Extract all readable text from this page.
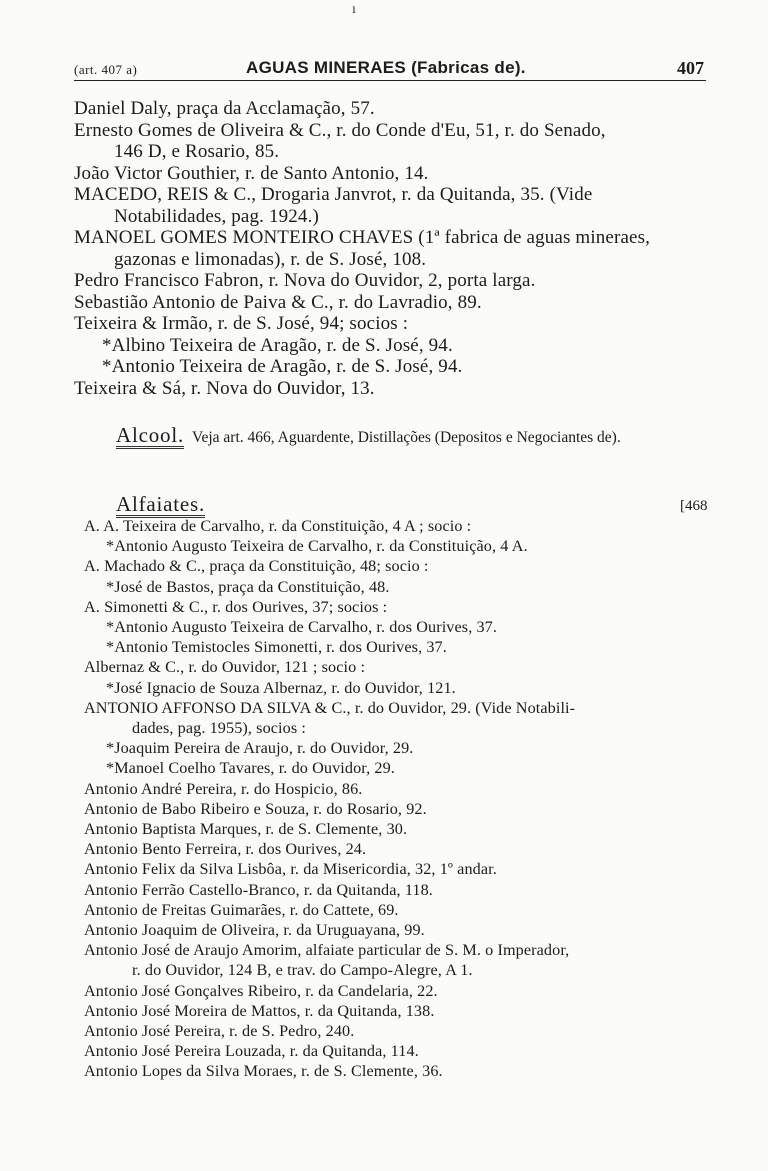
ı
(art. 407 a)	AGUAS MINERAES (Fabricas de).	407
Daniel Daly, praça da Acclamação, 57.
Ernesto Gomes de Oliveira & C., r. do Conde d'Eu, 51, r. do Senado,
146 D, e Rosario, 85.
João Victor Gouthier, r. de Santo Antonio, 14.
MACEDO, REIS & C., Drogaria Janvrot, r. da Quitanda, 35. (Vide
Notabilidades, pag. 1924.)
MANOEL GOMES MONTEIRO CHAVES (1ª fabrica de aguas mineraes,
gazonas e limonadas), r. de S. José, 108.
Pedro Francisco Fabron, r. Nova do Ouvidor, 2, porta larga.
Sebastião Antonio de Paiva & C., r. do Lavradio, 89.
Teixeira & Irmão, r. de S. José, 94; socios :
*Albino Teixeira de Aragão, r. de S. José, 94.
*Antonio Teixeira de Aragão, r. de S. José, 94.
Teixeira & Sá, r. Nova do Ouvidor, 13.
Alcool. Veja art. 466, Aguardente, Distillações (Depositos e Negociantes de).
Alfaiates.	[468
A. A. Teixeira de Carvalho, r. da Constituição, 4 A ; socio :
*Antonio Augusto Teixeira de Carvalho, r. da Constituição, 4 A.
A. Machado & C., praça da Constituição, 48; socio :
*José de Bastos, praça da Constituição, 48.
A. Simonetti & C., r. dos Ourives, 37; socios :
*Antonio Augusto Teixeira de Carvalho, r. dos Ourives, 37.
*Antonio Temistocles Simonetti, r. dos Ourives, 37.
Albernaz & C., r. do Ouvidor, 121 ; socio :
*José Ignacio de Souza Albernaz, r. do Ouvidor, 121.
ANTONIO AFFONSO DA SILVA & C., r. do Ouvidor, 29. (Vide Notabili-
dades, pag. 1955), socios :
*Joaquim Pereira de Araujo, r. do Ouvidor, 29.
*Manoel Coelho Tavares, r. do Ouvidor, 29.
Antonio André Pereira, r. do Hospicio, 86.
Antonio de Babo Ribeiro e Souza, r. do Rosario, 92.
Antonio Baptista Marques, r. de S. Clemente, 30.
Antonio Bento Ferreira, r. dos Ourives, 24.
Antonio Felix da Silva Lisbôa, r. da Misericordia, 32, 1º andar.
Antonio Ferrão Castello-Branco, r. da Quitanda, 118.
Antonio de Freitas Guimarães, r. do Cattete, 69.
Antonio Joaquim de Oliveira, r. da Uruguayana, 99.
Antonio José de Araujo Amorim, alfaiate particular de S. M. o Imperador,
r. do Ouvidor, 124 B, e trav. do Campo-Alegre, A 1.
Antonio José Gonçalves Ribeiro, r. da Candelaria, 22.
Antonio José Moreira de Mattos, r. da Quitanda, 138.
Antonio José Pereira, r. de S. Pedro, 240.
Antonio José Pereira Louzada, r. da Quitanda, 114.
Antonio Lopes da Silva Moraes, r. de S. Clemente, 36.
